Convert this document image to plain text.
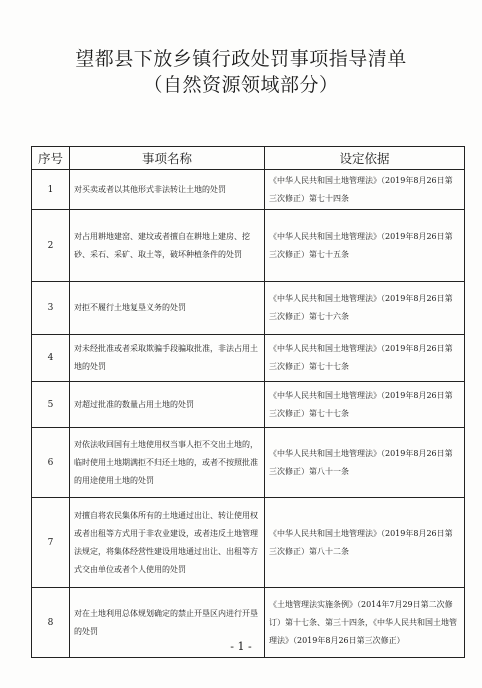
望都县下放乡镇行政处罚事项指导清单
（自然资源领域部分）
序号	事项名称	设定依据
1	对买卖或者以其他形式非法转让土地的处罚	《中华人民共和国土地管理法》（2019年8月26日第三次修正）第七十四条
2	对占用耕地建窑、建坟或者擅自在耕地上建房、挖砂、采石、采矿、取土等，破坏种植条件的处罚	《中华人民共和国土地管理法》（2019年8月26日第三次修正）第七十五条
3	对拒不履行土地复垦义务的处罚	《中华人民共和国土地管理法》（2019年8月26日第三次修正）第七十六条
4	对未经批准或者采取欺骗手段骗取批准，非法占用土地的处罚	《中华人民共和国土地管理法》（2019年8月26日第三次修正）第七十七条
5	对超过批准的数量占用土地的处罚	《中华人民共和国土地管理法》（2019年8月26日第三次修正）第七十七条
6	对依法收回国有土地使用权当事人拒不交出土地的，临时使用土地期满拒不归还土地的，或者不按照批准的用途使用土地的处罚	《中华人民共和国土地管理法》（2019年8月26日第三次修正）第八十一条
7	对擅自将农民集体所有的土地通过出让、转让使用权或者出租等方式用于非农业建设，或者违反土地管理法规定，将集体经营性建设用地通过出让、出租等方式交由单位或者个人使用的处罚	《中华人民共和国土地管理法》（2019年8月26日第三次修正）第八十二条
8	对在土地利用总体规划确定的禁止开垦区内进行开垦的处罚	《土地管理法实施条例》（2014年7月29日第二次修订）第十七条、第三十四条，《中华人民共和国土地管理法》（2019年8月26日第三次修正）
- 1 -
